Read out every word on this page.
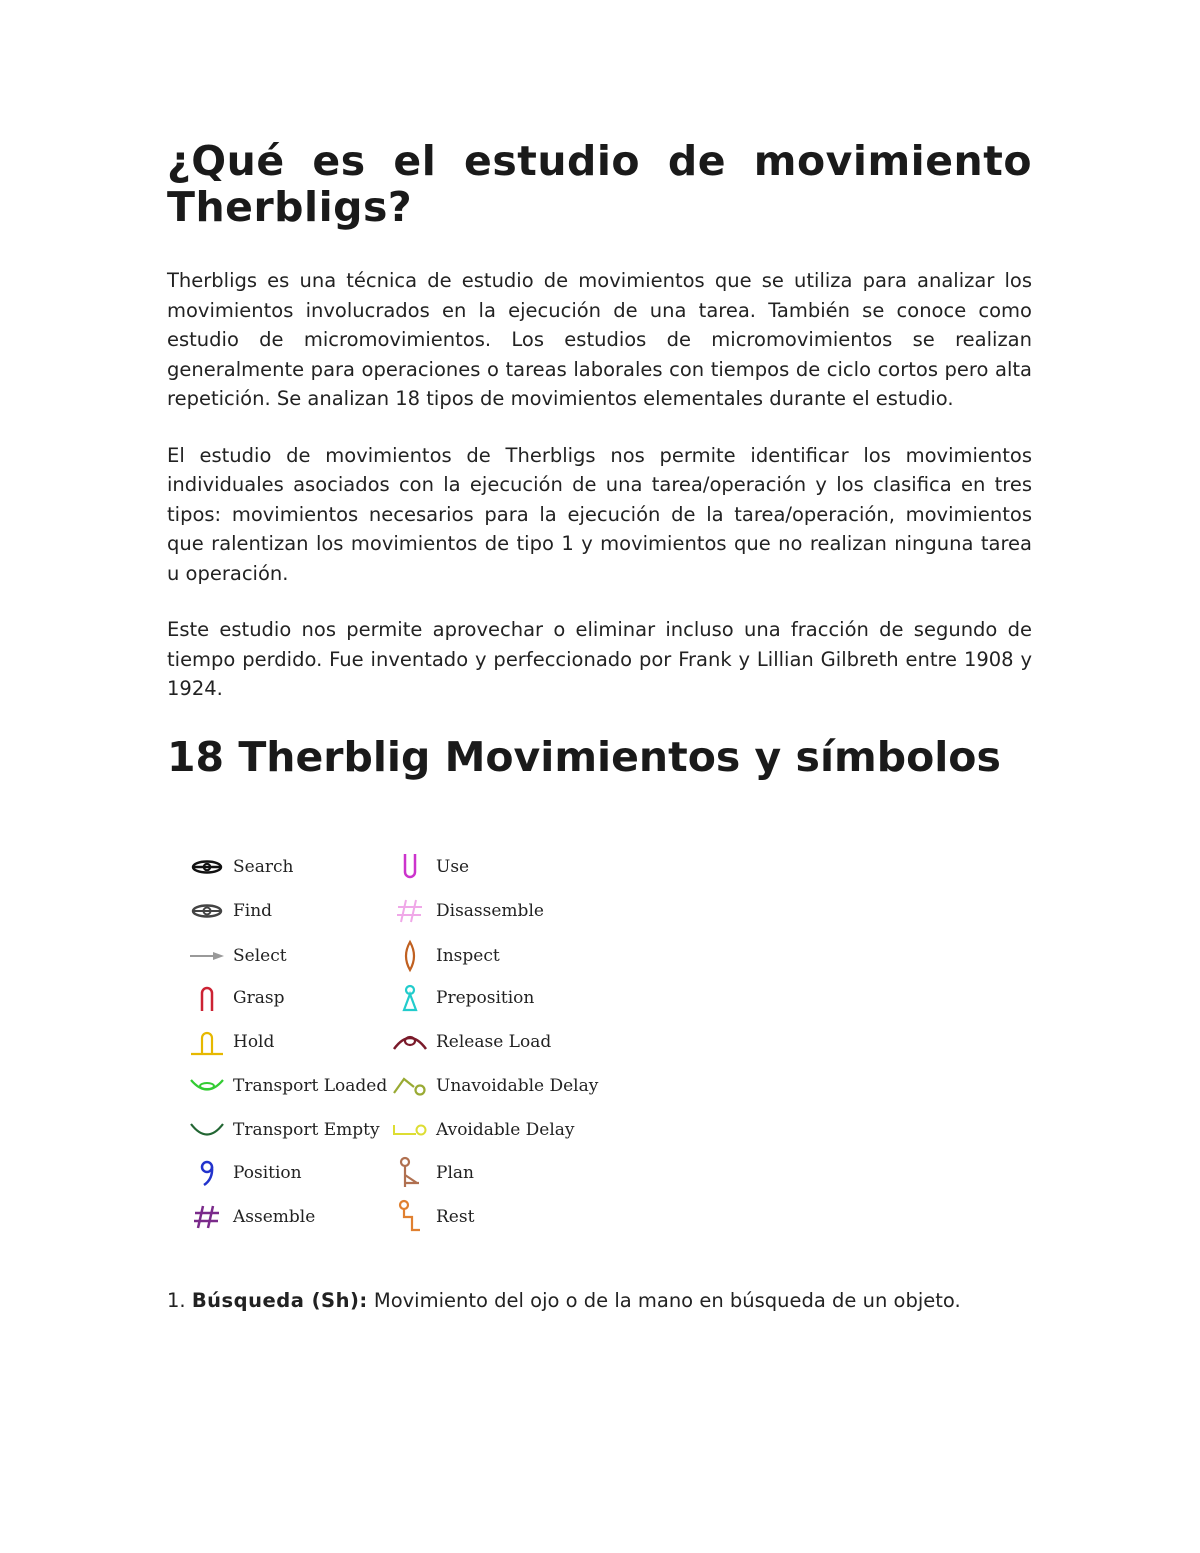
¿Qué es el estudio de movimiento
Therbligs?

Therbligs es una técnica de estudio de movimientos que se utiliza para analizar los movimientos involucrados en la ejecución de una tarea. También se conoce como estudio de micromovimientos. Los estudios de micromovimientos se realizan generalmente para operaciones o tareas laborales con tiempos de ciclo cortos pero alta repetición. Se analizan 18 tipos de movimientos elementales durante el estudio.

El estudio de movimientos de Therbligs nos permite identificar los movimientos individuales asociados con la ejecución de una tarea/operación y los clasifica en tres tipos: movimientos necesarios para la ejecución de la tarea/operación, movimientos que ralentizan los movimientos de tipo 1 y movimientos que no realizan ninguna tarea u operación.

Este estudio nos permite aprovechar o eliminar incluso una fracción de segundo de tiempo perdido. Fue inventado y perfeccionado por Frank y Lillian Gilbreth entre 1908 y 1924.

18 Therblig Movimientos y símbolos
Search
Find
Select
Grasp
Hold
Transport Loaded
Transport Empty
Position
Assemble
Use
Disassemble
Inspect
Preposition
Release Load
Unavoidable Delay
Avoidable Delay
Plan
Rest
1. Búsqueda (Sh): Movimiento del ojo o de la mano en búsqueda de un objeto.
